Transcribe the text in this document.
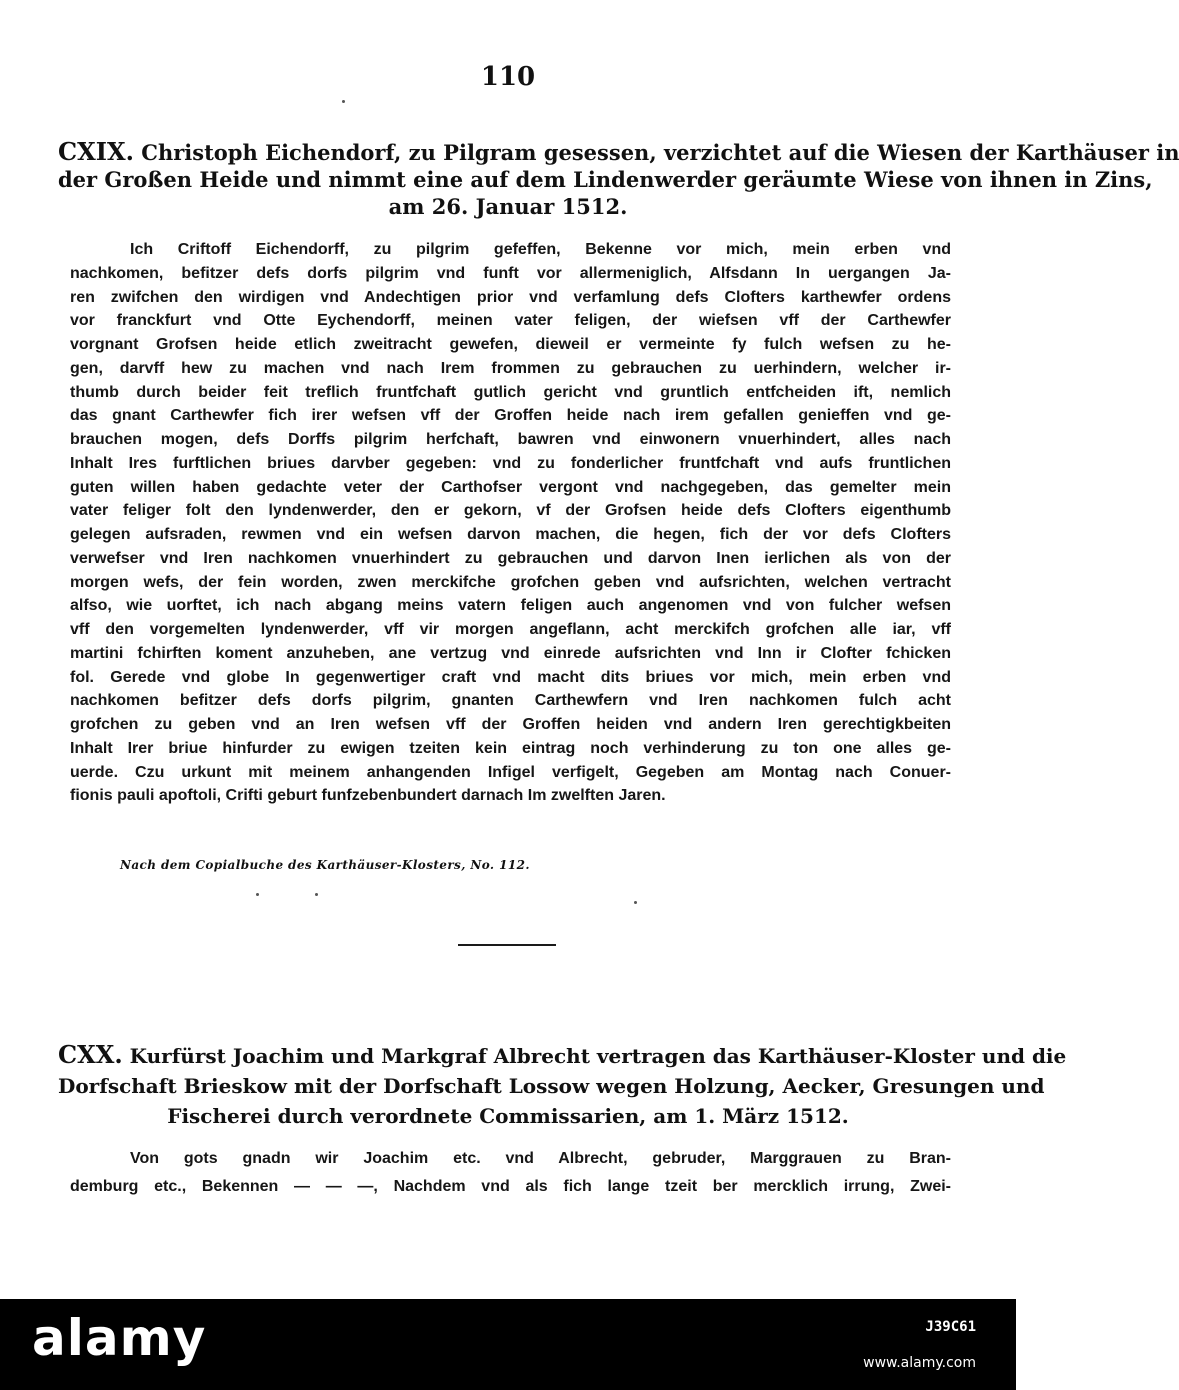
110
CXIX. Christoph Eichendorf, zu Pilgram gesessen, verzichtet auf die Wiesen der Karthäuser in
der Großen Heide und nimmt eine auf dem Lindenwerder geräumte Wiese von ihnen in Zins,
am 26. Januar 1512.
Ich Criftoff Eichendorff, zu pilgrim gefeffen, Bekenne vor mich, mein erben vnd
nachkomen, befitzer defs dorfs pilgrim vnd funft vor allermeniglich, Alfsdann In uergangen Ja-
ren zwifchen den wirdigen vnd Andechtigen prior vnd verfamlung defs Clofters karthewfer ordens
vor franckfurt vnd Otte Eychendorff, meinen vater feligen, der wiefsen vff der Carthewfer
vorgnant Grofsen heide etlich zweitracht gewefen, dieweil er vermeinte fy fulch wefsen zu he-
gen, darvff hew zu machen vnd nach Irem frommen zu gebrauchen zu uerhindern, welcher ir-
thumb durch beider feit treflich fruntfchaft gutlich gericht vnd gruntlich entfcheiden ift, nemlich
das gnant Carthewfer fich irer wefsen vff der Groffen heide nach irem gefallen genieffen vnd ge-
brauchen mogen, defs Dorffs pilgrim herfchaft, bawren vnd einwonern vnuerhindert, alles nach
Inhalt Ires furftlichen briues darvber gegeben: vnd zu fonderlicher fruntfchaft vnd aufs fruntlichen
guten willen haben gedachte veter der Carthofser vergont vnd nachgegeben, das gemelter mein
vater feliger folt den lyndenwerder, den er gekorn, vf der Grofsen heide defs Clofters eigenthumb
gelegen aufsraden, rewmen vnd ein wefsen darvon machen, die hegen, fich der vor defs Clofters
verwefser vnd Iren nachkomen vnuerhindert zu gebrauchen und darvon Inen ierlichen als von der
morgen wefs, der fein worden, zwen merckifche grofchen geben vnd aufsrichten, welchen vertracht
alfso, wie uorftet, ich nach abgang meins vatern feligen auch angenomen vnd von fulcher wefsen
vff den vorgemelten lyndenwerder, vff vir morgen angeflann, acht merckifch grofchen alle iar, vff
martini fchirften koment anzuheben, ane vertzug vnd einrede aufsrichten vnd Inn ir Clofter fchicken
fol. Gerede vnd globe In gegenwertiger craft vnd macht dits briues vor mich, mein erben vnd
nachkomen befitzer defs dorfs pilgrim, gnanten Carthewfern vnd Iren nachkomen fulch acht
grofchen zu geben vnd an Iren wefsen vff der Groffen heiden vnd andern Iren gerechtigkbeiten
Inhalt Irer briue hinfurder zu ewigen tzeiten kein eintrag noch verhinderung zu ton one alles ge-
uerde. Czu urkunt mit meinem anhangenden Infigel verfigelt, Gegeben am Montag nach Conuer-
fionis pauli apoftoli, Crifti geburt funfzebenbundert darnach Im zwelften Jaren.
Nach dem Copialbuche des Karthäuser-Klosters, No. 112.
CXX. Kurfürst Joachim und Markgraf Albrecht vertragen das Karthäuser-Kloster und die
Dorfschaft Brieskow mit der Dorfschaft Lossow wegen Holzung, Aecker, Gresungen und
Fischerei durch verordnete Commissarien, am 1. März 1512.
Von gots gnadn wir Joachim etc. vnd Albrecht, gebruder, Marggrauen zu Bran-
demburg etc., Bekennen — — —, Nachdem vnd als fich lange tzeit ber mercklich irrung, Zwei-
alamy	J39C61
www.alamy.com
